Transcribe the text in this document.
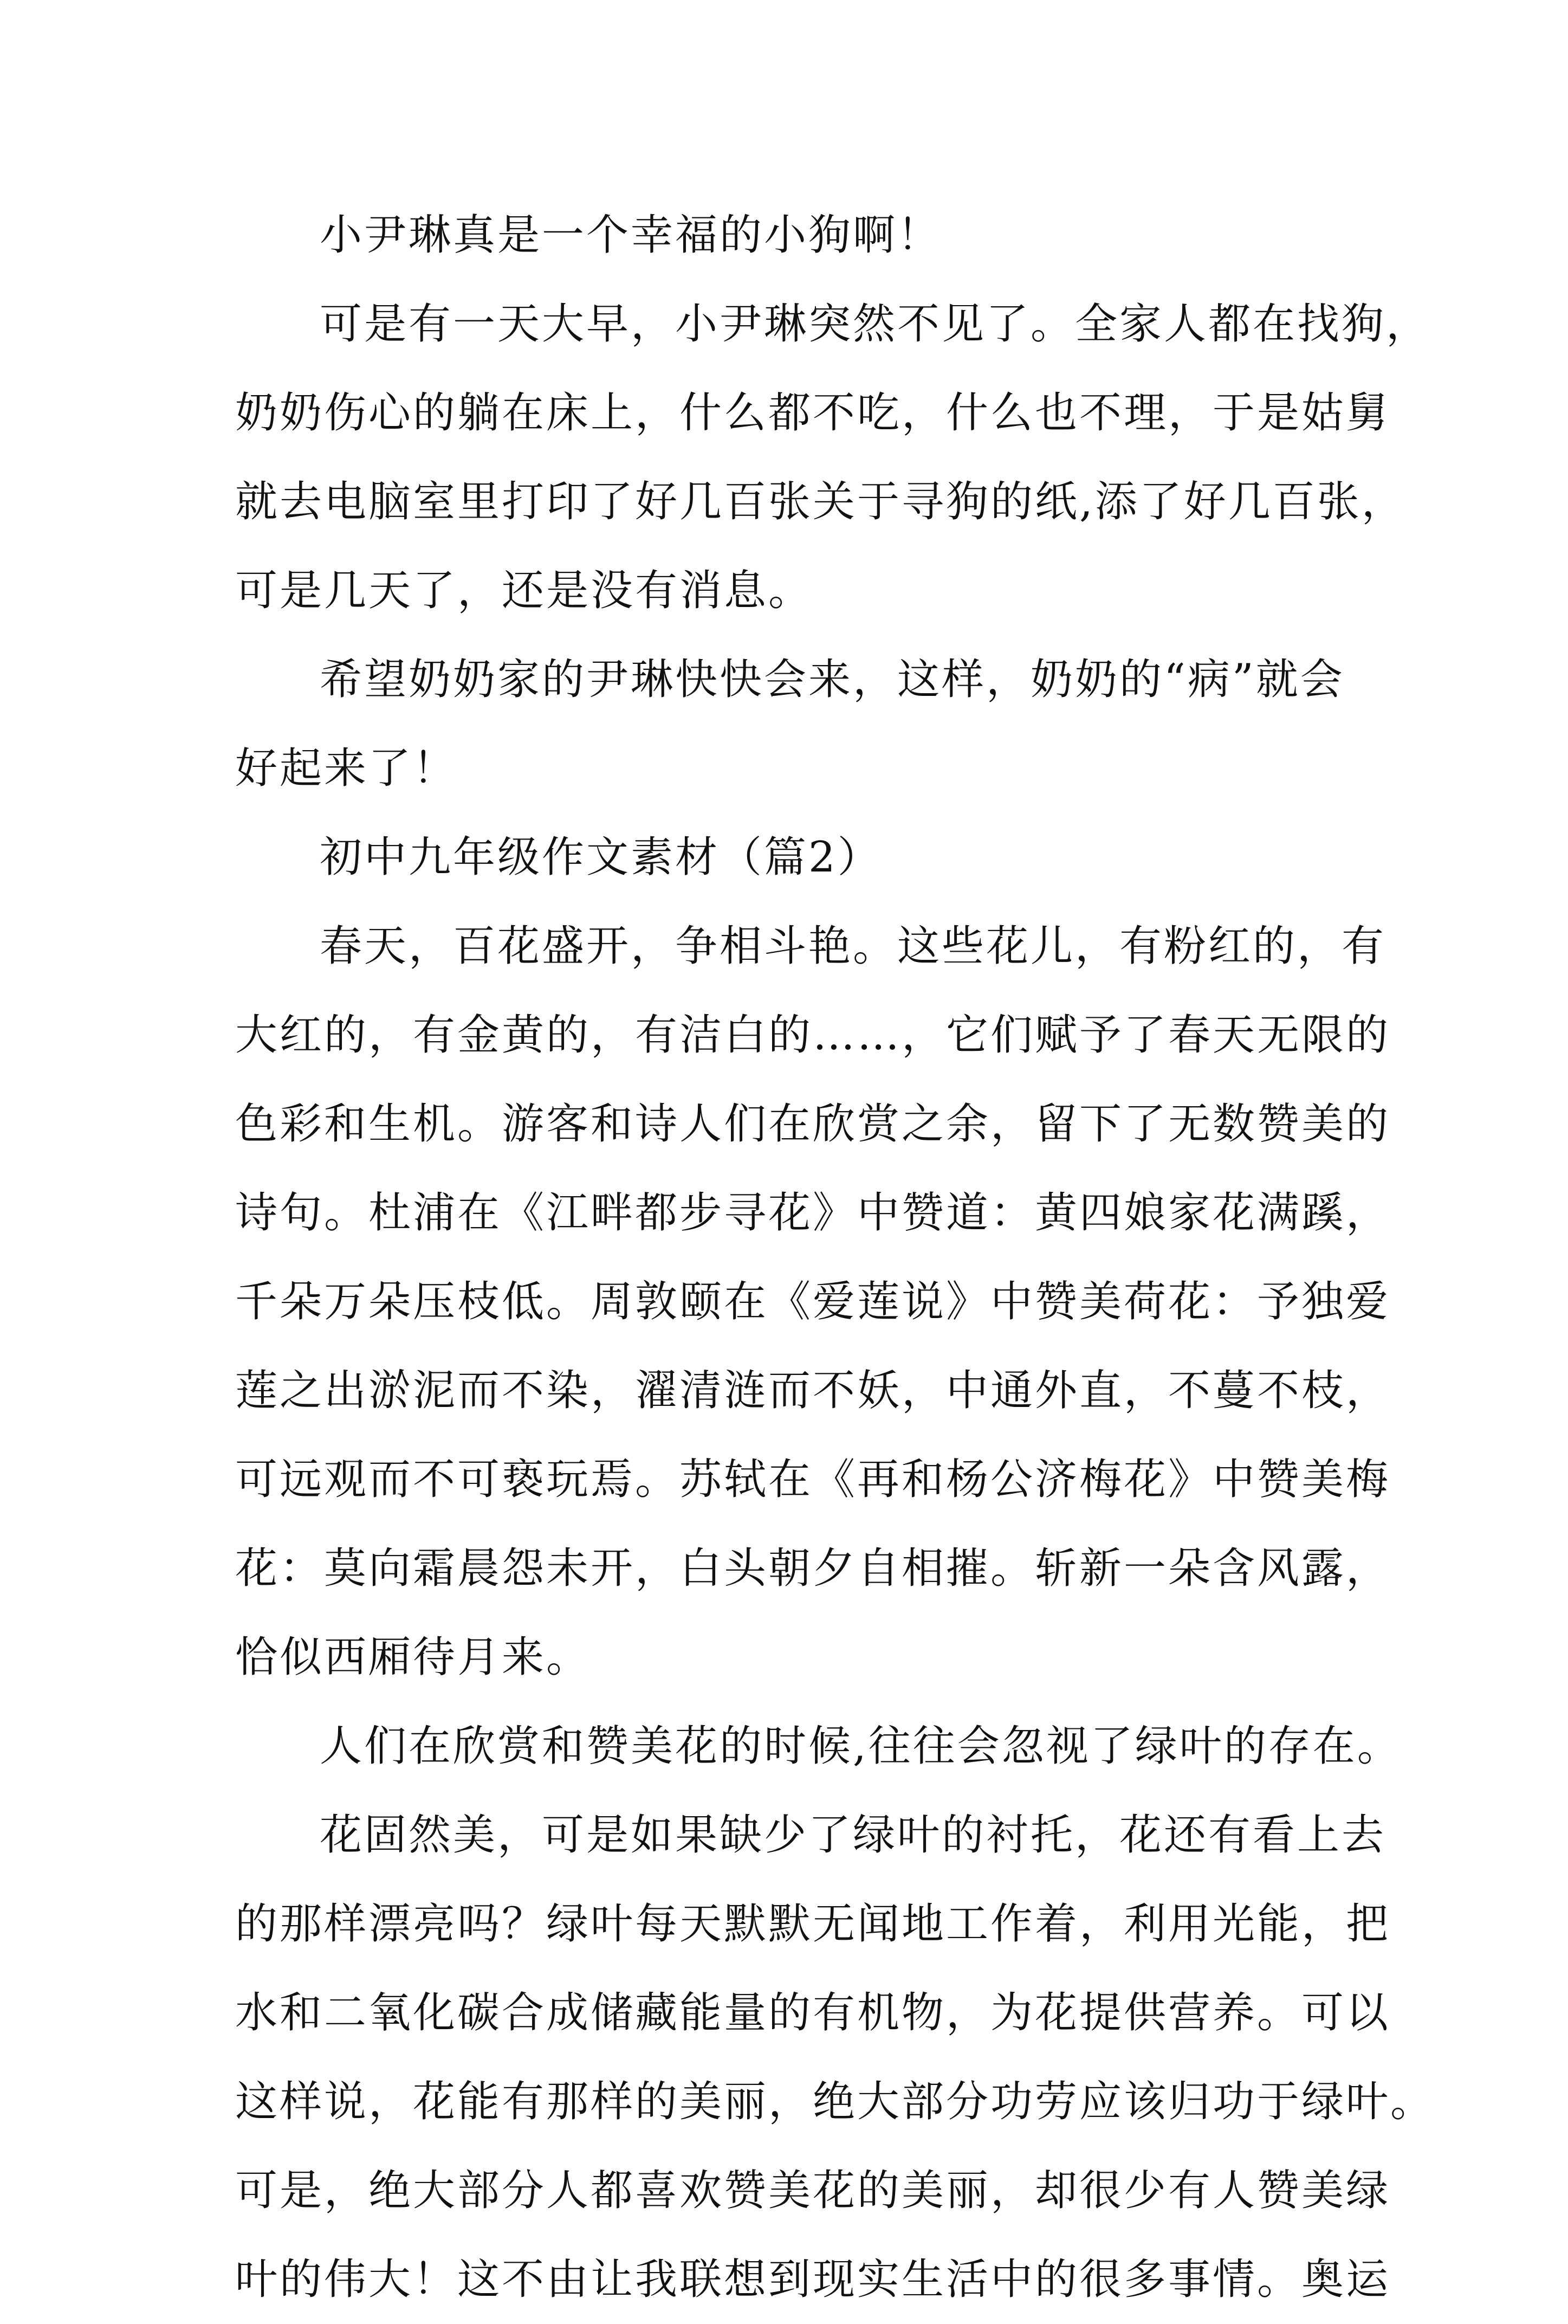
小尹琳真是一个幸福的小狗啊！
可是有一天大早，小尹琳突然不见了。全家人都在找狗，
奶奶伤心的躺在床上，什么都不吃，什么也不理，于是姑舅
就去电脑室里打印了好几百张关于寻狗的纸,添了好几百张，
可是几天了，还是没有消息。
希望奶奶家的尹琳快快会来，这样，奶奶的“病”就会
好起来了！
初中九年级作文素材（篇2）
春天，百花盛开，争相斗艳。这些花儿，有粉红的，有
大红的，有金黄的，有洁白的……，它们赋予了春天无限的
色彩和生机。游客和诗人们在欣赏之余，留下了无数赞美的
诗句。杜浦在《江畔都步寻花》中赞道：黄四娘家花满蹊，
千朵万朵压枝低。周敦颐在《爱莲说》中赞美荷花：予独爱
莲之出淤泥而不染，濯清涟而不妖，中通外直，不蔓不枝，
可远观而不可亵玩焉。苏轼在《再和杨公济梅花》中赞美梅
花：莫向霜晨怨未开，白头朝夕自相摧。斩新一朵含风露，
恰似西厢待月来。
人们在欣赏和赞美花的时候,往往会忽视了绿叶的存在。
花固然美，可是如果缺少了绿叶的衬托，花还有看上去
的那样漂亮吗？绿叶每天默默无闻地工作着，利用光能，把
水和二氧化碳合成储藏能量的有机物，为花提供营养。可以
这样说，花能有那样的美丽，绝大部分功劳应该归功于绿叶。
可是，绝大部分人都喜欢赞美花的美丽，却很少有人赞美绿
叶的伟大！这不由让我联想到现实生活中的很多事情。奥运
